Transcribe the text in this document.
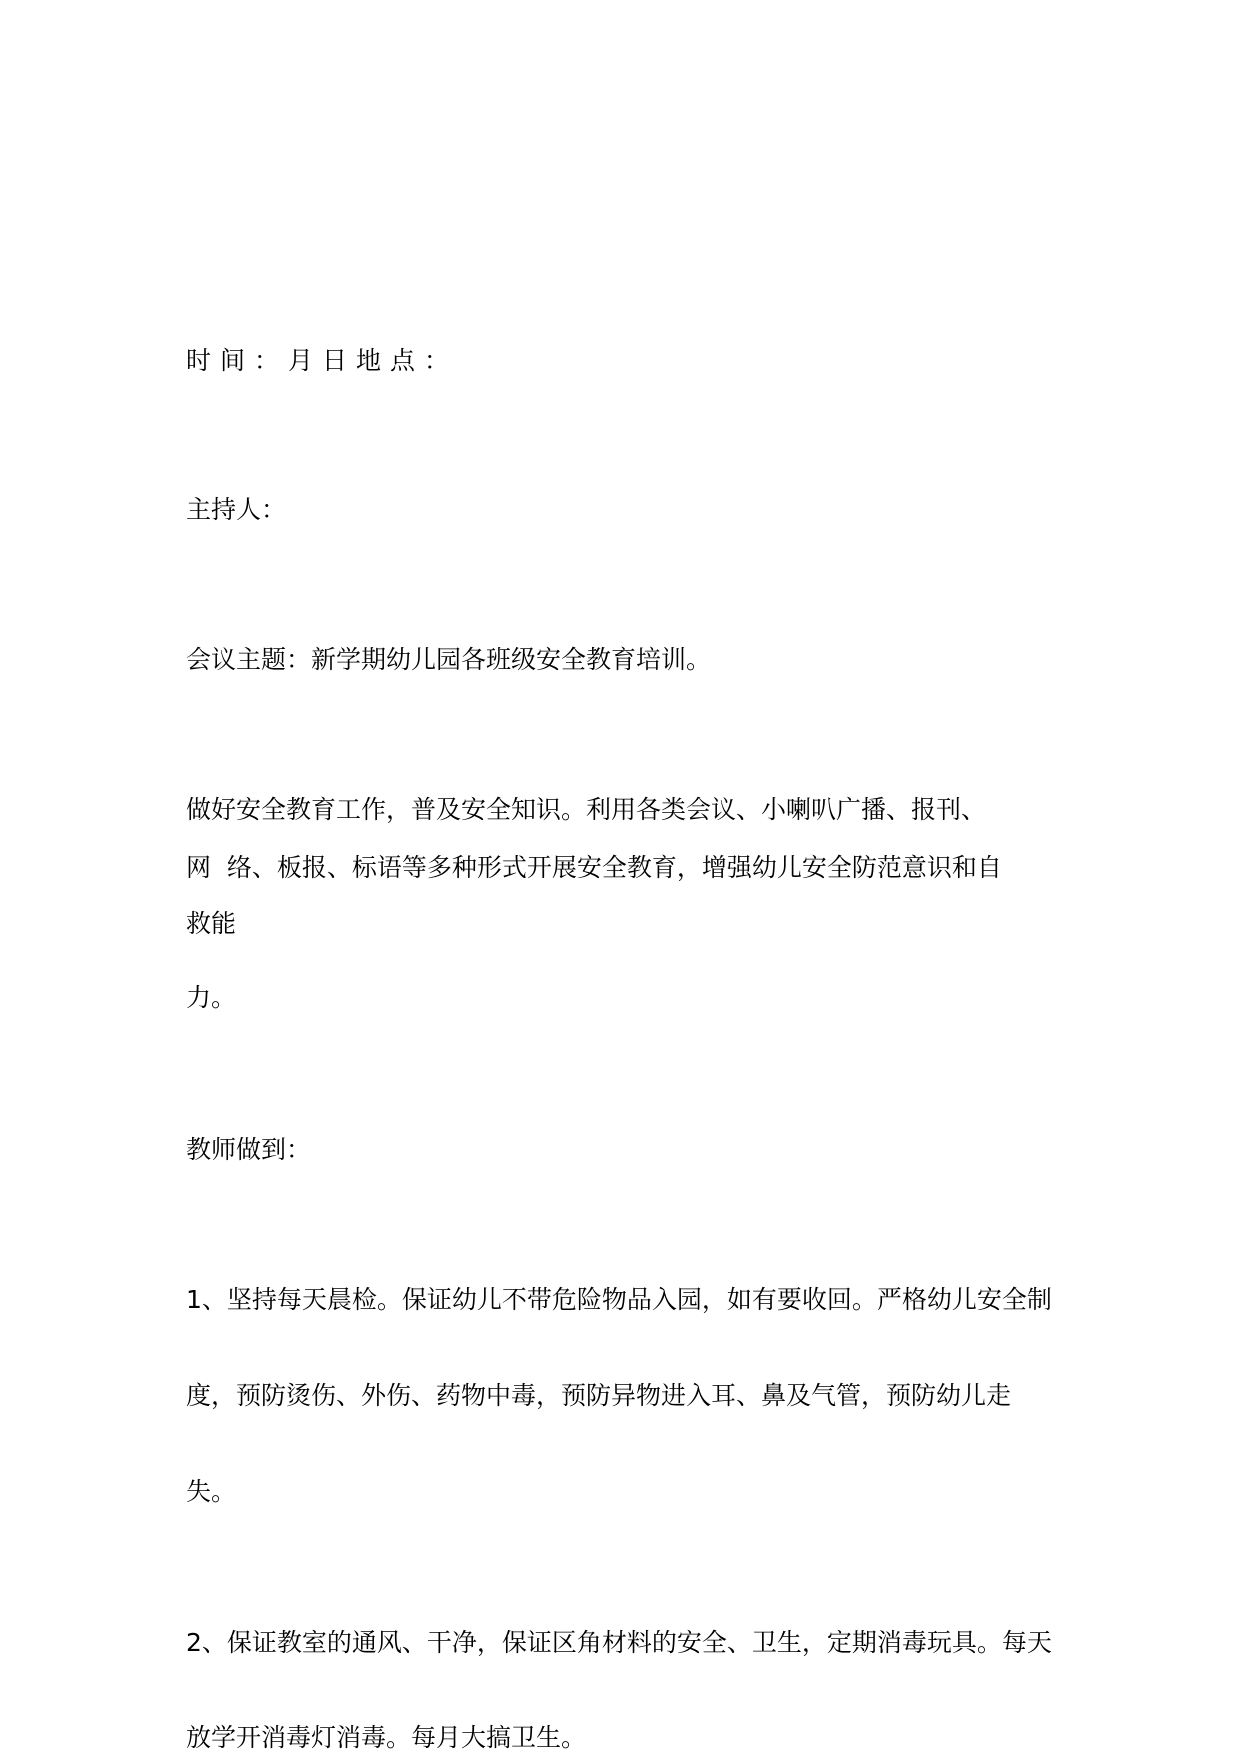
时间：月日地点：

主持人：

会议主题：新学期幼儿园各班级安全教育培训。

做好安全教育工作，普及安全知识。利用各类会议、小喇叭广播、报刊、

网  络、板报、标语等多种形式开展安全教育，增强幼儿安全防范意识和自

救能

力。

教师做到：

1、坚持每天晨检。保证幼儿不带危险物品入园，如有要收回。严格幼儿安全制

度，预防烫伤、外伤、药物中毒，预防异物进入耳、鼻及气管，预防幼儿走

失。

2、保证教室的通风、干净，保证区角材料的安全、卫生，定期消毒玩具。每天

放学开消毒灯消毒。每月大搞卫生。
